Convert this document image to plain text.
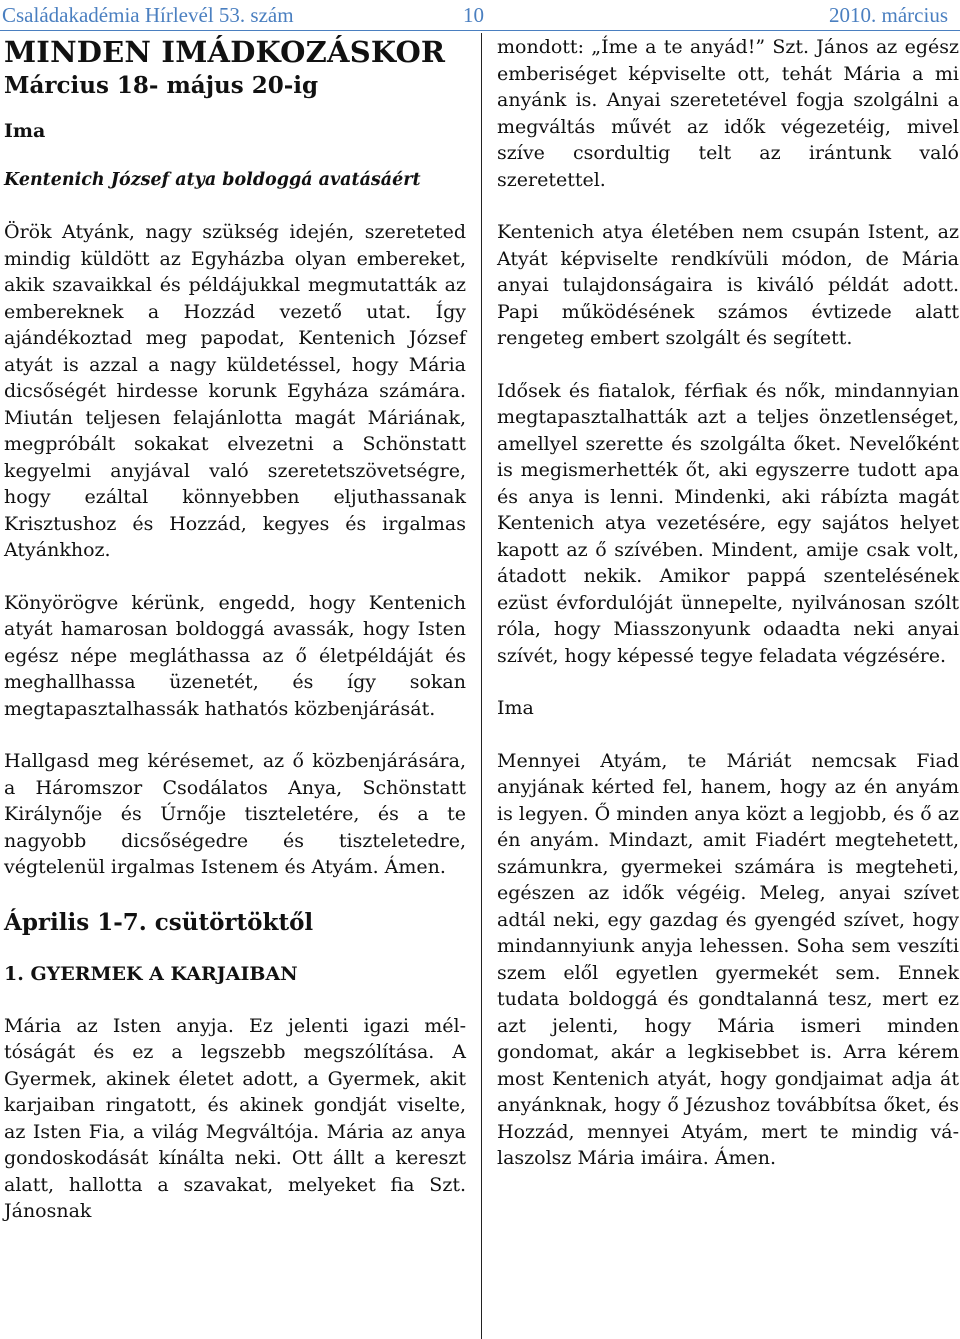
Családakadémia Hírlevél 53. szám	10	2010. március

MINDEN IMÁDKOZÁSKOR

Március 18- május 20-ig

Ima

Kentenich József atya boldoggá avatásáért

Örök Atyánk, nagy szükség idején, szereteted mindig küldött az Egyházba olyan embereket, akik szavaikkal és példájukkal megmutatták az embereknek a Hozzád vezető utat. Így ajándékoztad meg papodat, Kentenich József atyát is azzal a nagy küldetéssel, hogy Mária dicsőségét hirdesse korunk Egyháza számára. Miután teljesen felajánlotta magát Máriának, megpróbált sokakat elvezetni a Schönstatt kegyelmi anyjával való szeretetszövetségre, hogy ezáltal könnyebben eljuthassanak Krisztushoz és Hozzád, kegyes és irgalmas Atyánkhoz.

Könyörögve kérünk, engedd, hogy Kentenich atyát hamarosan boldoggá avassák, hogy Isten egész népe megláthassa az ő életpéldáját és meghallhassa üzenetét, és így sokan megtapasztalhassák hathatós közbenjárását.

Hallgasd meg kérésemet, az ő közbenjárására, a Háromszor Csodálatos Anya, Schönstatt Királynője és Úrnője tiszteletére, és a te nagyobb dicsőségedre és tiszteletedre, végtelenül irgalmas Istenem és Atyám. Ámen.

Április 1-7. csütörtöktől

1. GYERMEK A KARJAIBAN

Mária az Isten anyja. Ez jelenti igazi méltóságát és ez a legszebb megszólítása. A Gyermek, akinek életet adott, a Gyermek, akit karjaiban ringatott, és akinek gondját viselte, az Isten Fia, a világ Megváltója. Mária az anya gondoskodását kínálta neki. Ott állt a kereszt alatt, hallotta a szavakat, melyeket fia Szt. Jánosnak

mondott: „Íme a te anyád!” Szt. János az egész emberiséget képviselte ott, tehát Mária a mi anyánk is. Anyai szeretetével fogja szolgálni a megváltás művét az idők végezetéig, mivel szíve csordultig telt az irántunk való szeretettel.

Kentenich atya életében nem csupán Istent, az Atyát képviselte rendkívüli módon, de Mária anyai tulajdonságaira is kiváló példát adott. Papi működésének számos évtizede alatt rengeteg embert szolgált és segített.

Idősek és fiatalok, férfiak és nők, mindannyian megtapasztalhatták azt a teljes önzetlenséget, amellyel szerette és szolgálta őket. Nevelőként is megismerhették őt, aki egyszerre tudott apa és anya is lenni. Mindenki, aki rábízta magát Kentenich atya vezetésére, egy sajátos helyet kapott az ő szívében. Mindent, amije csak volt, átadott nekik. Amikor pappá szentelésének ezüst évfordulóját ünnepelte, nyilvánosan szólt róla, hogy Miasszonyunk odaadta neki anyai szívét, hogy képessé tegye feladata végzésére.

Ima

Mennyei Atyám, te Máriát nemcsak Fiad anyjának kérted fel, hanem, hogy az én anyám is legyen. Ő minden anya közt a legjobb, és ő az én anyám. Mindazt, amit Fiadért megtehetett, számunkra, gyermekei számára is megteheti, egészen az idők végéig. Meleg, anyai szívet adtál neki, egy gazdag és gyengéd szívet, hogy mindannyiunk anyja lehessen. Soha sem veszíti szem elől egyetlen gyermekét sem. Ennek tudata boldoggá és gondtalanná tesz, mert ez azt jelenti, hogy Mária ismeri minden gondomat, akár a legkisebbet is. Arra kérem most Kentenich atyát, hogy gondjaimat adja át anyánknak, hogy ő Jézushoz továbbítsa őket, és Hozzád, mennyei Atyám, mert te mindig válaszolsz Mária imáira. Ámen.
